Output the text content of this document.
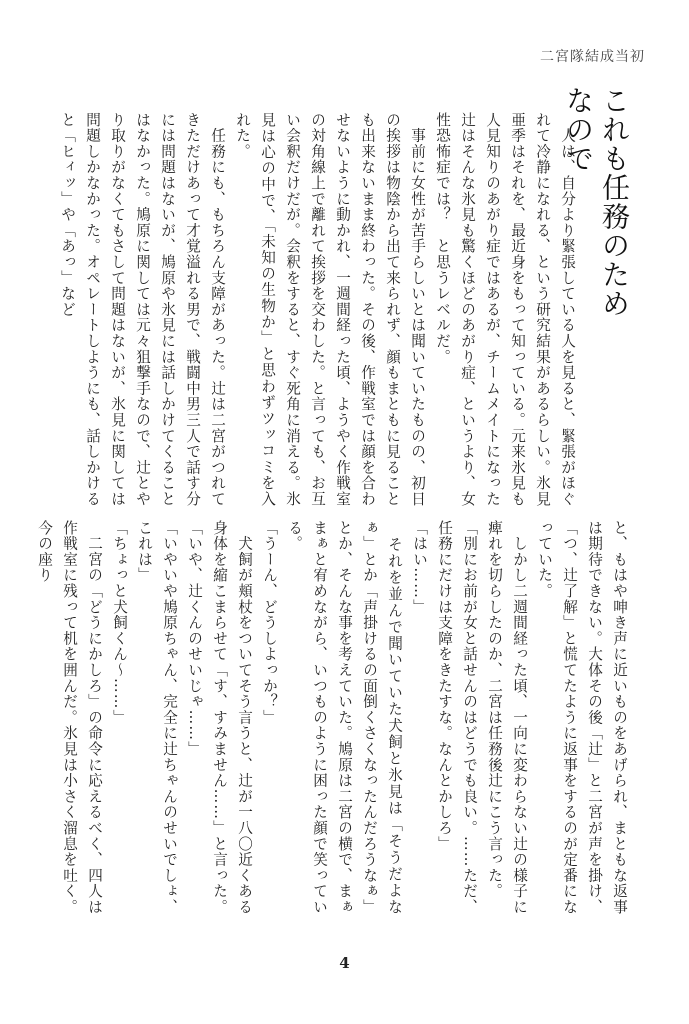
二宮隊結成当初
これも任務のためなので

　人は、自分より緊張している人を見ると、緊張がほぐれて冷静になれる、という研究結果があるらしい。氷見亜季はそれを、最近身をもって知っている。元来氷見も人見知りのあがり症ではあるが、チームメイトになった辻はそんな氷見も驚くほどのあがり症、というより、女性恐怖症では？　と思うレベルだ。

　事前に女性が苦手らしいとは聞いていたものの、初日の挨拶は物陰から出て来られず、顔もまともに見ることも出来ないまま終わった。その後、作戦室では顔を合わせないように動かれ、一週間経った頃、ようやく作戦室の対角線上で離れて挨拶を交わした。と言っても、お互い会釈だけだが。会釈をすると、すぐ死角に消える。氷見は心の中で、「未知の生物か」と思わずツッコミを入れた。

　任務にも、もちろん支障があった。辻は二宮がつれてきただけあって才覚溢れる男で、戦闘中男三人で話す分には問題はないが、鳩原や氷見には話しかけてくることはなかった。鳩原に関しては元々狙撃手なので、辻とやり取りがなくてもさして問題はないが、氷見に関しては問題しかなかった。オペレートしようにも、話しかけると「ヒィッ」や「あっ」など

と、もはや呻き声に近いものをあげられ、まともな返事は期待できない。大体その後「辻」と二宮が声を掛け、「つ、辻了解」と慌てたように返事をするのが定番になっていた。

　しかし二週間経った頃、一向に変わらない辻の様子に痺れを切らしたのか、二宮は任務後辻にこう言った。

「別にお前が女と話せんのはどうでも良い。……ただ、任務にだけは支障をきたすな。なんとかしろ」

「はい……」

　それを並んで聞いていた犬飼と氷見は「そうだよなぁ」とか「声掛けるの面倒くさくなったんだろうなぁ」とか、そんな事を考えていた。鳩原は二宮の横で、まぁまぁと宥めながら、いつものように困った顔で笑っている。

「うーん、どうしよっか？」

　犬飼が頬杖をついてそう言うと、辻が一八〇近くある身体を縮こまらせて「す、すみません……」と言った。

「いや、辻くんのせいじゃ……」

「いやいや鳩原ちゃん、完全に辻ちゃんのせいでしょ、これは」

「ちょっと犬飼くん〜……」

　二宮の「どうにかしろ」の命令に応えるべく、四人は作戦室に残って机を囲んだ。氷見は小さく溜息を吐く。今の座り

4
